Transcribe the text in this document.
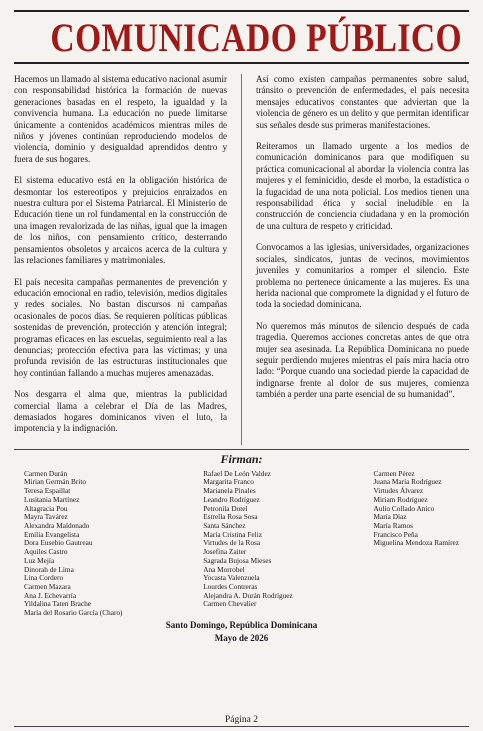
COMUNICADO PÚBLICO

Hacemos un llamado al sistema educativo nacional asumir con responsabilidad histórica la formación de nuevas generaciones basadas en el respeto, la igualdad y la convivencia humana. La educación no puede limitarse únicamente a contenidos académicos mientras miles de niños y jóvenes continúan reproduciendo modelos de violencia, dominio y desigualdad aprendidos dentro y fuera de sus hogares.

El sistema educativo está en la obligación histórica de desmontar los estereotipos y prejuicios enraizados en nuestra cultura por el Sistema Patriarcal. El Ministerio de Educación tiene un rol fundamental en la construcción de una imagen revalorizada de las niñas, igual que la imagen de los niños, con pensamiento crítico, desterrando pensamientos obsoletos y arcaicos acerca de la cultura y las relaciones familiares y matrimoniales.

El país necesita campañas permanentes de prevención y educación emocional en radio, televisión, medios digitales y redes sociales. No bastan discursos ni campañas ocasionales de pocos días. Se requieren políticas públicas sostenidas de prevención, protección y atención integral; programas eficaces en las escuelas, seguimiento real a las denuncias; protección efectiva para las víctimas; y una profunda revisión de las estructuras institucionales que hoy continúan fallando a muchas mujeres amenazadas.

Nos desgarra el alma que, mientras la publicidad comercial llama a celebrar el Día de las Madres, demasiados hogares dominicanos viven el luto, la impotencia y la indignación.

Así como existen campañas permanentes sobre salud, tránsito o prevención de enfermedades, el país necesita mensajes educativos constantes que adviertan que la violencia de género es un delito y que permitan identificar sus señales desde sus primeras manifestaciones.

Reiteramos un llamado urgente a los medios de comunicación dominicanos para que modifiquen su práctica comunicacional al abordar la violencia contra las mujeres y el feminicidio, desde el morbo, la estadística o la fugacidad de una nota policial. Los medios tienen una responsabilidad ética y social ineludible en la construcción de conciencia ciudadana y en la promoción de una cultura de respeto y criticidad.

Convocamos a las iglesias, universidades, organizaciones sociales, sindicatos, juntas de vecinos, movimientos juveniles y comunitarios a romper el silencio. Este problema no pertenece únicamente a las mujeres. Es una herida nacional que compromete la dignidad y el futuro de toda la sociedad dominicana.

No queremos más minutos de silencio después de cada tragedia. Queremos acciones concretas antes de que otra mujer sea asesinada. La República Dominicana no puede seguir perdiendo mujeres mientras el país mira hacia otro lado: “Porque cuando una sociedad pierde la capacidad de indignarse frente al dolor de sus mujeres, comienza también a perder una parte esencial de su humanidad”.

Firman:
Carmen Durán
Mirian Germán Brito
Teresa Espaillat
Lusitania Martínez
Altagracia Pou
Mayra Tavárez
Alexandra Maldonado
Emilia Evangelista
Dora Eusebio Gautreau
Aquiles Castro
Luz Mejía
Dinorah de Lima
Lina Cordero
Carmen Mazara
Ana J. Echevarría
Yildalina Taten Brache
María del Rosario García (Charo)
Rafael De León Valdez
Margarita Franco
Marianela Pinales
Leandro Rodríguez
Petronila Dotel
Estrella Rosa Sosa
Santa Sánchez
María Cristina Feliz
Virtudes de la Rosa
Josefina Zaiter
Sagrada Bujosa Mieses
Ana Morrobel
Yocasta Valenzuela
Lourdes Contreras
Alejandra A. Durán Rodríguez
Carmen Chevalier
Carmen Pérez
Juana María Rodríguez
Virtudes Álvarez
Miriam Rodríguez
Aulio Collado Anico
María Díaz
María Ramos
Francisco Peña
Miguelina Mendoza Ramírez
Santo Domingo, República Dominicana
Mayo de 2026
Página 2
